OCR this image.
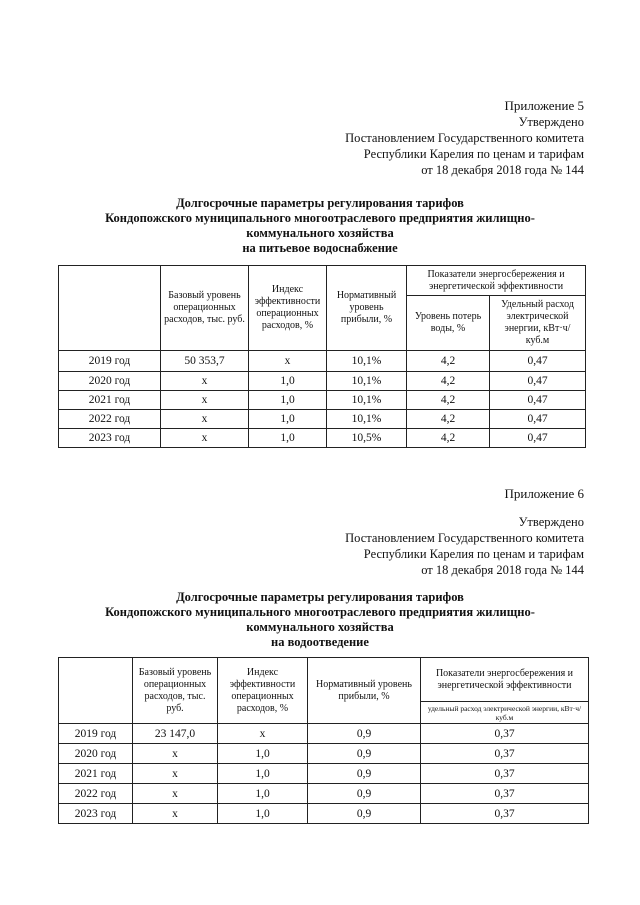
Приложение 5
Утверждено
Постановлением Государственного комитета
Республики Карелия по ценам и тарифам
от 18 декабря 2018 года № 144
Долгосрочные параметры регулирования тарифов
Кондопожского муниципального многоотраслевого предприятия жилищно-
коммунального хозяйства
на питьевое водоснабжение
	Базовый уровень операционных расходов, тыс. руб.	Индекс эффективности операционных расходов, %	Нормативный уровень прибыли, %	Показатели энергосбережения и энергетической эффективности	
				Уровень потерь воды, %	Удельный расход электрической энергии, кВт·ч/куб.м
2019 год	50 353,7	х	10,1%	4,2	0,47
2020 год	х	1,0	10,1%	4,2	0,47
2021 год	х	1,0	10,1%	4,2	0,47
2022 год	х	1,0	10,1%	4,2	0,47
2023 год	х	1,0	10,5%	4,2	0,47
Приложение 6
Утверждено
Постановлением Государственного комитета
Республики Карелия по ценам и тарифам
от 18 декабря 2018 года № 144
Долгосрочные параметры регулирования тарифов
Кондопожского муниципального многоотраслевого предприятия жилищно-
коммунального хозяйства
на водоотведение
	Базовый уровень операционных расходов, тыс. руб.	Индекс эффективности операционных расходов, %	Нормативный уровень прибыли, %	Показатели энергосбережения и энергетической эффективности
				удельный расход электрической энергии, кВт·ч/куб.м
2019 год	23 147,0	х	0,9	0,37
2020 год	х	1,0	0,9	0,37
2021 год	х	1,0	0,9	0,37
2022 год	х	1,0	0,9	0,37
2023 год	х	1,0	0,9	0,37
